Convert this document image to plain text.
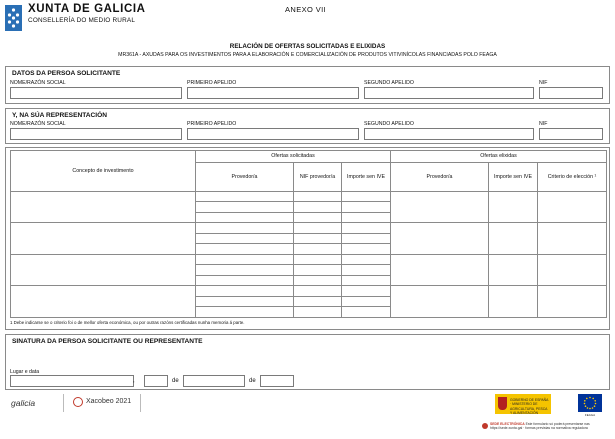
XUNTA DE GALICIA
CONSELLERÍA DO MEDIO RURAL
ANEXO VII
RELACIÓN DE OFERTAS SOLICITADAS E ELIXIDAS
MR361A - AXUDAS PARA OS INVESTIMENTOS PARA A ELABORACIÓN E COMERCIALIZACIÓN DE PRODUTOS VITIVINÍCOLAS FINANCIADAS POLO FEAGA
DATOS DA PERSOA SOLICITANTE
NOME/RAZÓN SOCIAL	PRIMEIRO APELIDO	SEGUNDO APELIDO	NIF
Y, NA SÚA REPRESENTACIÓN
NOME/RAZÓN SOCIAL	PRIMEIRO APELIDO	SEGUNDO APELIDO	NIF
Concepto de investimento	Ofertas solicitadas			Ofertas elixidas		
	Provedor/a	NIF provedor/a	Importe sen IVE	Provedor/a	Importe sen IVE	Criterio de elección ¹

1 Debe indicarse se o criterio foi o de mellor oferta económica, ou por outras razóns certificadas nunha memoria á parte.
SINATURA DA PERSOA SOLICITANTE OU REPRESENTANTE
Lugar e data
,	de	de
galicia	Xacobeo 2021	GOBIERNO DE ESPAÑA · MINISTERIO DE AGRICULTURA, PESCA Y ALIMENTACIÓN	FEAGA
SEDE ELECTRÓNICA Este formulario só poderá presentarse nas https://sede.xunta.gal · formas previstas na normativa reguladora
